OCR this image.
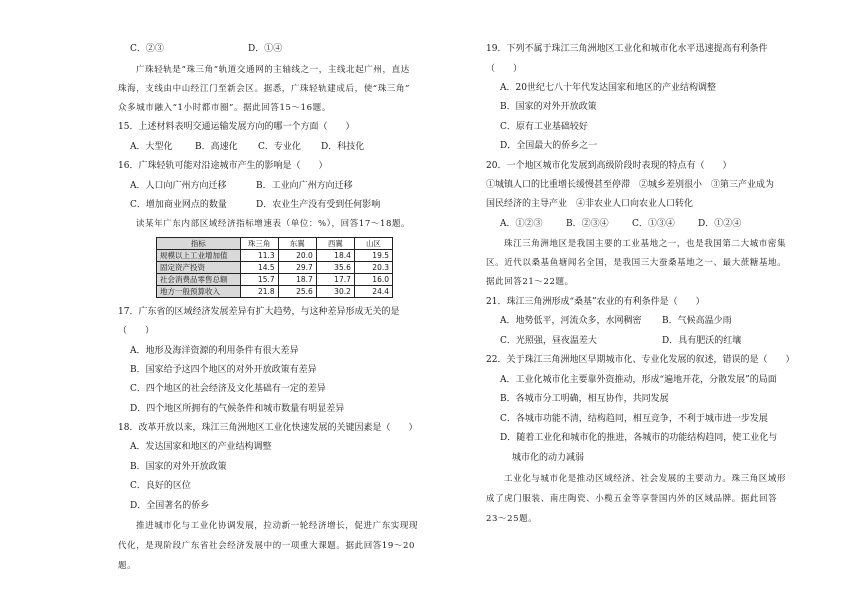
C．②③	D．①④
广珠轻轨是“珠三角”轨道交通网的主轴线之一，主线北起广州，直达
珠海，支线由中山经江门至新会区。据悉，广珠轻轨建成后，使“珠三角”
众多城市融入“1小时都市圈”。据此回答15～16题。
15．上述材料表明交通运输发展方向的哪一个方面（　　）
A．大型化	B．高速化 C．专业化 D．科技化
16．广珠轻轨可能对沿途城市产生的影响是（　　）
A．人口向广州方向迁移	B．工业向广州方向迁移
C．增加商业网点的数量	D．农业生产没有受到任何影响
读某年广东内部区域经济指标增速表（单位：%），回答17～18题。
指标	珠三角	东翼	西翼	山区
规模以上工业增加值	11.3	20.0	18.4	19.5
固定资产投资	14.5	29.7	35.6	20.3
社会消费品零售总额	15.7	18.7	17.7	16.0
地方一般预算收入	21.8	25.6	30.2	24.4
17．广东省的区域经济发展差异有扩大趋势，与这种差异形成无关的是
（　　）
A．地形及海洋资源的利用条件有很大差异
B．国家给予这四个地区的对外开放政策有差异
C．四个地区的社会经济及文化基础有一定的差异
D．四个地区所拥有的气候条件和城市数量有明显差异
18．改革开放以来，珠江三角洲地区工业化快速发展的关键因素是（　　）
A．发达国家和地区的产业结构调整
B．国家的对外开放政策
C．良好的区位
D．全国著名的侨乡
推进城市化与工业化协调发展，拉动新一轮经济增长，促进广东实现现
代化，是现阶段广东省社会经济发展中的一项重大课题。据此回答19～20
题。
19．下列不属于珠江三角洲地区工业化和城市化水平迅速提高有利条件
（　　）
A．20世纪七八十年代发达国家和地区的产业结构调整
B．国家的对外开放政策
C．原有工业基础较好
D．全国最大的侨乡之一
20．一个地区城市化发展到高级阶段时表现的特点有（　　）
①城镇人口的比重增长缓慢甚至停滞　②城乡差别很小　③第三产业成为
国民经济的主导产业　④非农业人口向农业人口转化
A．①②③	B．②③④	C．①③④	D．①②④
珠江三角洲地区是我国主要的工业基地之一，也是我国第二大城市密集
区。近代以桑基鱼塘闻名全国，是我国三大蚕桑基地之一、最大蔗糖基地。
据此回答21～22题。
21．珠江三角洲形成“桑基”农业的有利条件是（　　）
A．地势低平，河流众多，水网稠密 B．气候高温少雨
C．光照强，昼夜温差大	D．具有肥沃的红壤
22．关于珠江三角洲地区早期城市化、专业化发展的叙述，错误的是（　　）
A．工业化城市化主要靠外资推动，形成“遍地开花，分散发展”的局面
B．各城市分工明确，相互协作，共同发展
C．各城市功能不清，结构趋同，相互竞争，不利于城市进一步发展
D．随着工业化和城市化的推进，各城市的功能结构趋同，使工业化与
城市化的动力减弱
工业化与城市化是推动区域经济、社会发展的主要动力。珠三角区域形
成了虎门服装、南庄陶瓷、小榄五金等享誉国内外的区域品牌。据此回答
23～25题。
